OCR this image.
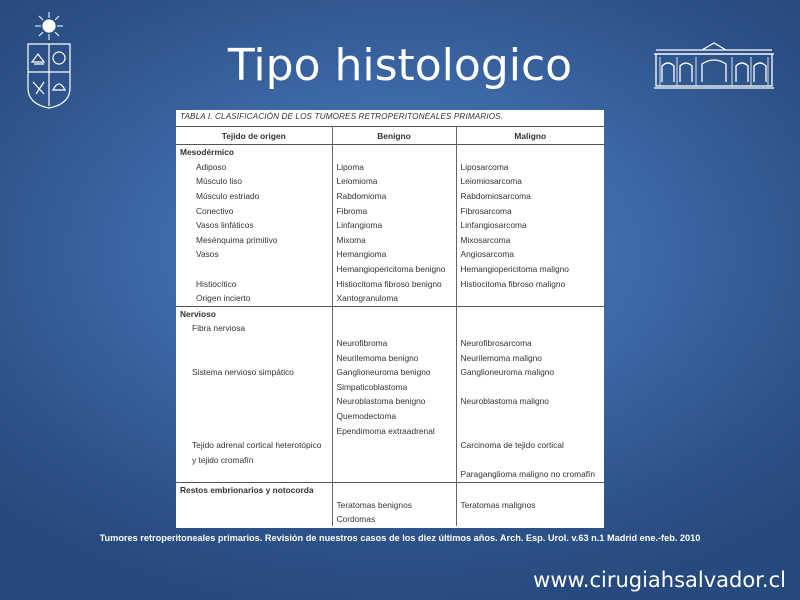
Tipo histologico
TABLA I. CLASIFICACIÓN DE LOS TUMORES RETROPERITONEALES PRIMARIOS.
Tejido de origen	Benigno	Maligno
Mesodérmico		
Adiposo	Lipoma	Liposarcoma
Músculo liso	Leiomioma	Leiomiosarcoma
Músculo estriado	Rabdomioma	Rabdomiosarcoma
Conectivo	Fibroma	Fibrosarcoma
Vasos linfáticos	Linfangioma	Linfangiosarcoma
Mesénquima primitivo	Mixoma	Mixosarcoma
Vasos	Hemangioma	Angiosarcoma
	Hemangiopericitoma benigno	Hemangiopericitoma maligno
Histiocítico	Histiocitoma fibroso benigno	Histiocitoma fibroso maligno
Origen incierto	Xantogranuloma	
Nervioso		
Fibra nerviosa		
	Neurofibroma	Neurofibrosarcoma
	Neurilemoma benigno	Neurilemoma maligno
Sistema nervioso simpático	Ganglioneuroma benigno	Ganglioneuroma maligno
	Simpaticoblastoma	
	Neuroblastoma benigno	Neuroblastoma maligno
	Quemodectoma	
	Ependimoma extraadrenal	
Tejido adrenal cortical heterotópico		Carcinoma de tejido cortical
y tejido cromafín		
		Paraganglioma maligno no cromafín
Restos embrionarios y notocorda		
	Teratomas benignos	Teratomas malignos
	Cordomas	
Tumores retroperitoneales primarios. Revisión de nuestros casos de los diez últimos años. Arch. Esp. Urol. v.63 n.1 Madrid ene.-feb. 2010
www.cirugiahsalvador.cl
